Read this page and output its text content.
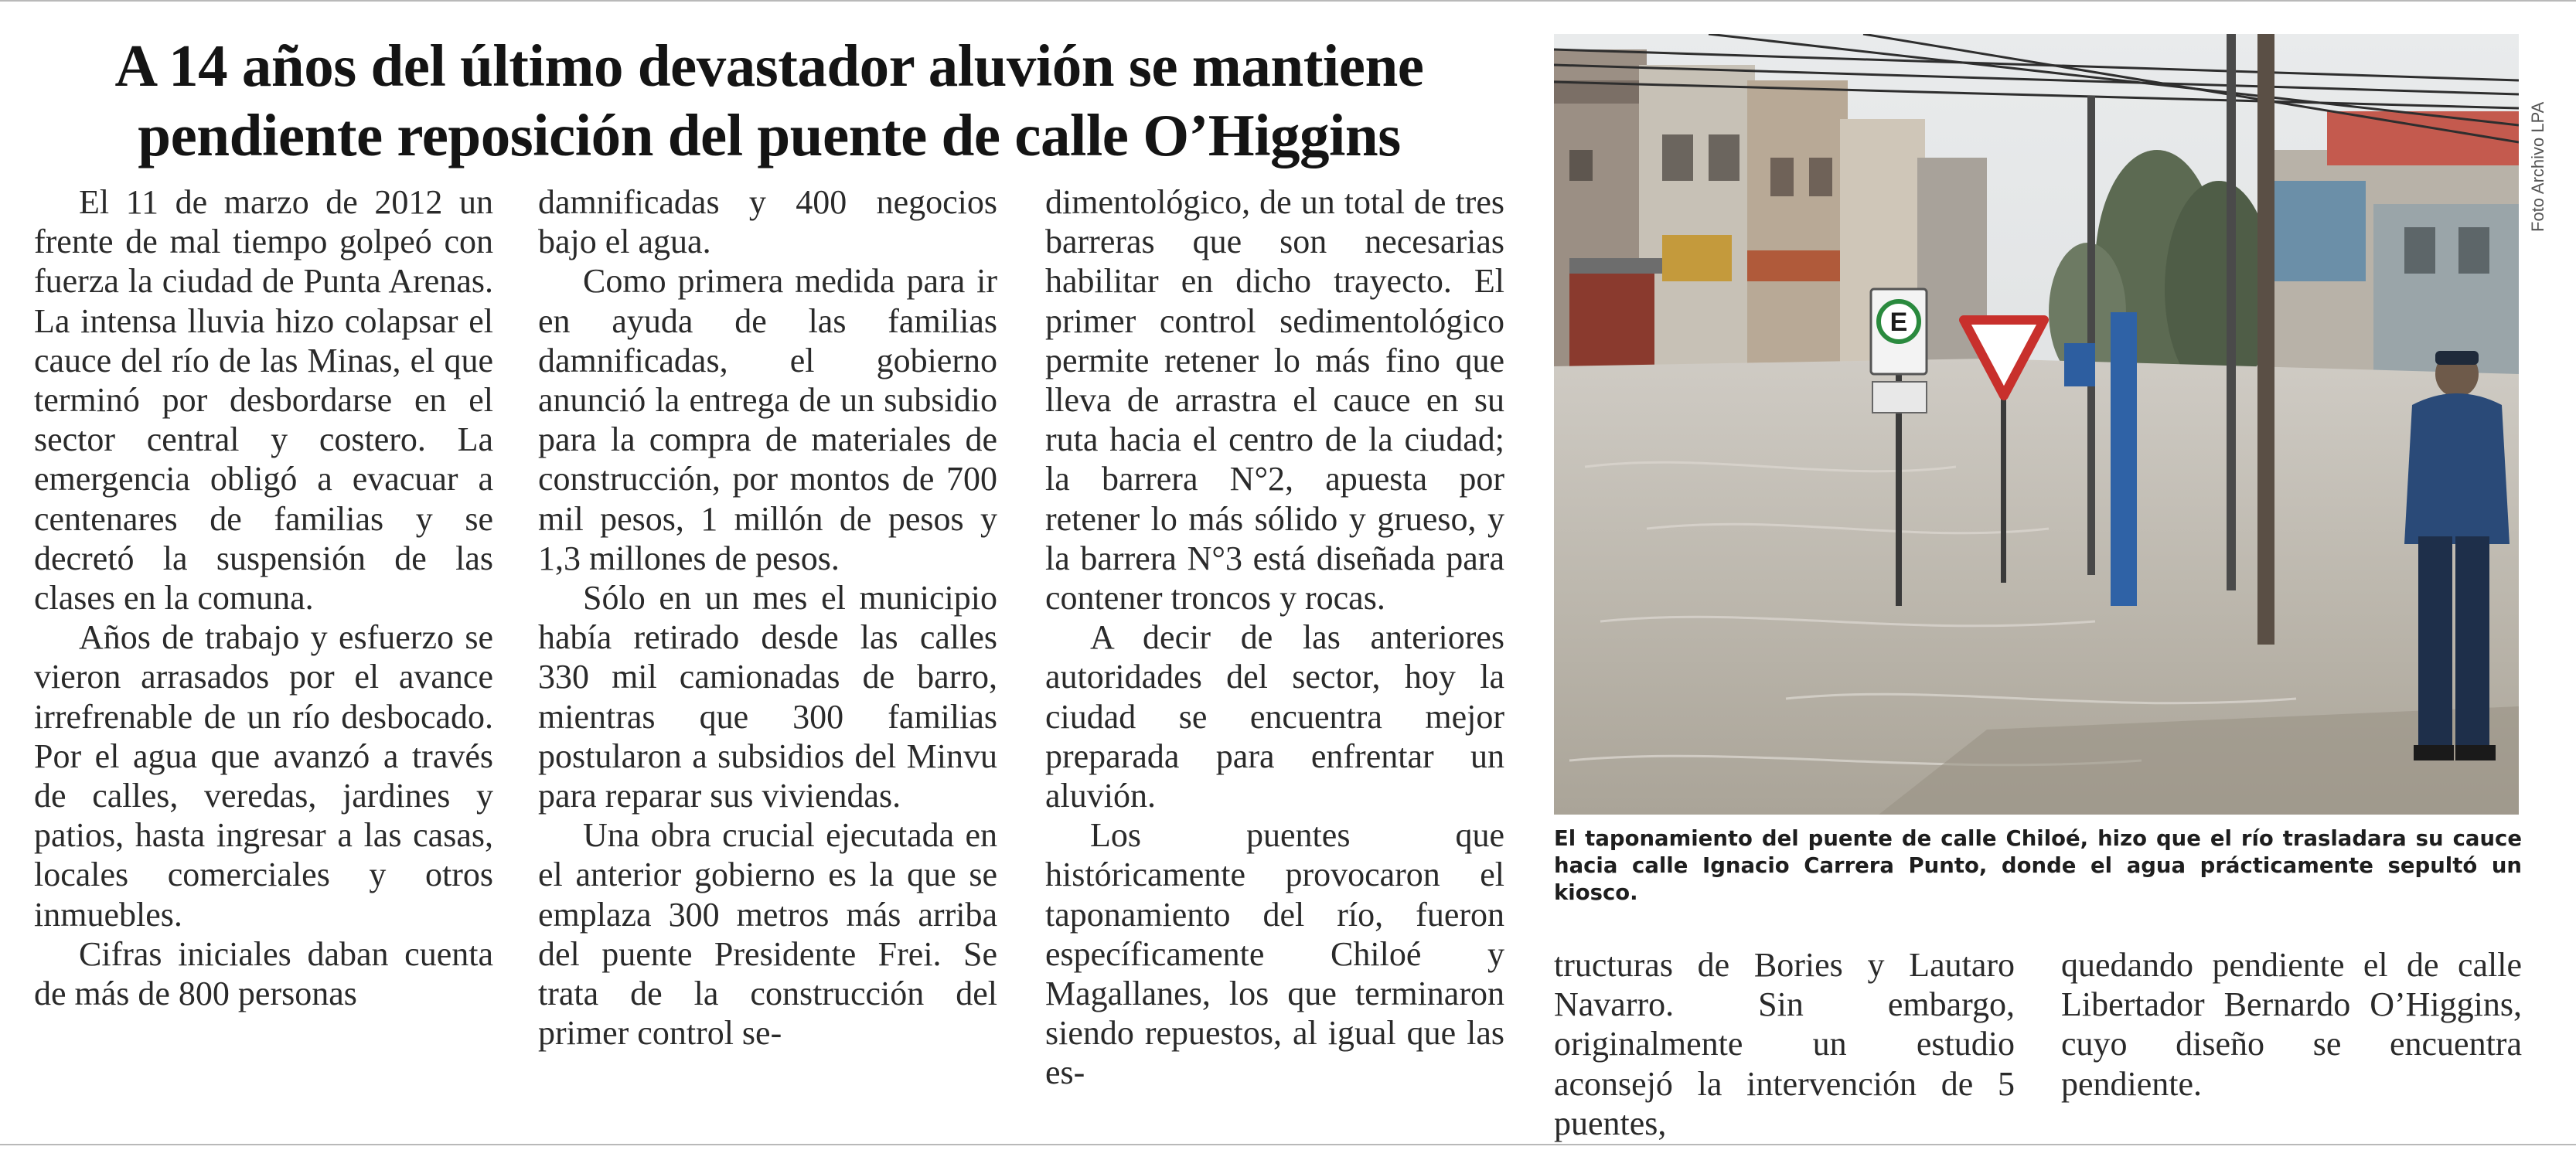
A 14 años del último devastador aluvión se mantiene
pendiente reposición del puente de calle O’Higgins

El 11 de marzo de 2012 un frente de mal tiempo golpeó con fuerza la ciudad de Punta Arenas. La intensa lluvia hizo colapsar el cauce del río de las Minas, el que terminó por desbordarse en el sector central y costero. La emergencia obligó a evacuar a centenares de familias y se decretó la suspensión de las clases en la comuna.

Años de trabajo y esfuerzo se vieron arrasados por el avance irrefrenable de un río desbocado. Por el agua que avanzó a través de calles, veredas, jardines y patios, hasta ingresar a las casas, locales comerciales y otros inmuebles.

Cifras iniciales daban cuenta de más de 800 personas

damnificadas y 400 negocios bajo el agua.

Como primera medida para ir en ayuda de las familias damnificadas, el gobierno anunció la entrega de un subsidio para la compra de materiales de construcción, por montos de 700 mil pesos, 1 millón de pesos y 1,3 millones de pesos.

Sólo en un mes el municipio había retirado desde las calles 330 mil camionadas de barro, mientras que 300 familias postularon a subsidios del Minvu para reparar sus viviendas.

Una obra crucial ejecutada en el anterior gobierno es la que se emplaza 300 metros más arriba del puente Presidente Frei. Se trata de la construcción del primer control se-

dimentológico, de un total de tres barreras que son necesarias habilitar en dicho trayecto. El primer control sedimentológico permite retener lo más fino que lleva de arrastra el cauce en su ruta hacia el centro de la ciudad; la barrera N°2, apuesta por retener lo más sólido y grueso, y la barrera N°3 está diseñada para contener troncos y rocas.

A decir de las anteriores autoridades del sector, hoy la ciudad se encuentra mejor preparada para enfrentar un aluvión.

Los puentes que históricamente provocaron el taponamiento del río, fueron específicamente Chiloé y Magallanes, los que terminaron siendo repuestos, al igual que las es-

E
Foto Archivo LPA

El taponamiento del puente de calle Chiloé, hizo que el río trasladara su cauce hacia calle Ignacio Carrera Punto, donde el agua prácticamente sepultó un kiosco.

tructuras de Bories y Lautaro Navarro. Sin embargo, originalmente un estudio aconsejó la intervención de 5 puentes,

quedando pendiente el de calle Libertador Bernardo O’Higgins, cuyo diseño se encuentra pendiente.
